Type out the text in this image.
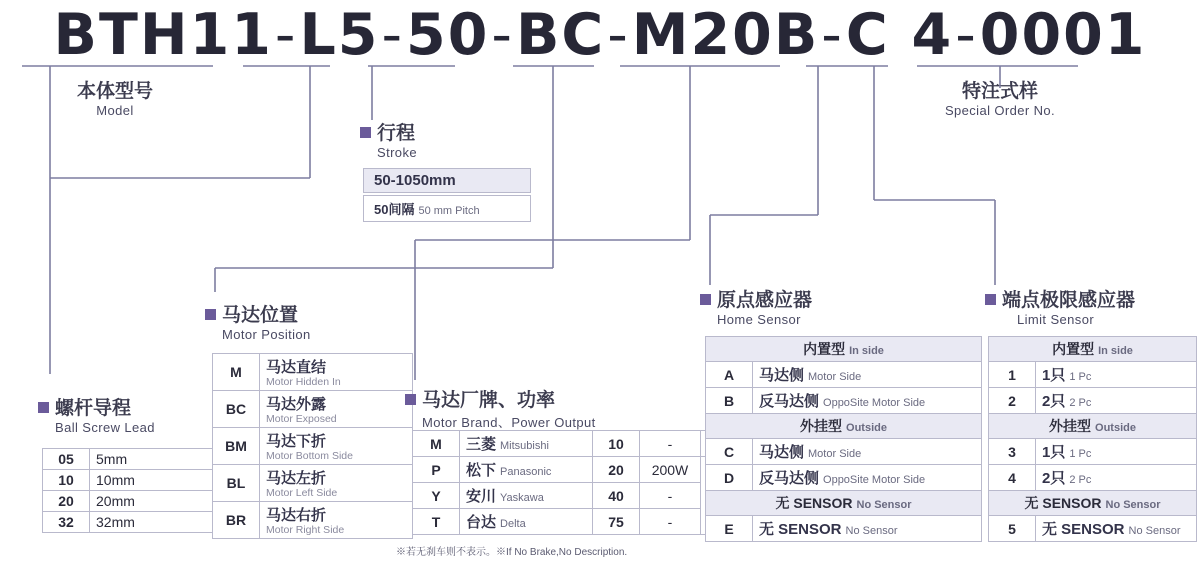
BTH11-L5-50-BC-M20B-C 4-0001
本体型号
Model
特注式样
Special Order No.
行程
Stroke
50-1050mm
50间隔 50 mm Pitch
螺杆导程
Ball Screw Lead
05	5mm
10	10mm
20	20mm
32	32mm
马达位置
Motor Position
M	马达直结
Motor Hidden In

BC	马达外露
Motor Exposed

BM	马达下折
Motor Bottom Side

BL	马达左折
Motor Left Side

BR	马达右折
Motor Right Side
马达厂牌、功率
Motor Brand、Power Output
M	三菱 Mitsubishi	10	-	
P	松下 Panasonic	20	200W	
Y	安川 Yaskawa	40	-	
T	台达 Delta	75	-	
※若无刹车则不表示。※If No Brake,No Description.
原点感应器
Home Sensor
内置型 In side	
A	马达侧 Motor Side
B	反马达侧 OppoSite Motor Side
外挂型 Outside	
C	马达侧 Motor Side
D	反马达侧 OppoSite Motor Side
无 SENSOR No Sensor	
E	无 SENSOR No Sensor
端点极限感应器
Limit Sensor
内置型 In side	
1	1只 1 Pc
2	2只 2 Pc
外挂型 Outside	
3	1只 1 Pc
4	2只 2 Pc
无 SENSOR No Sensor	
5	无 SENSOR No Sensor
